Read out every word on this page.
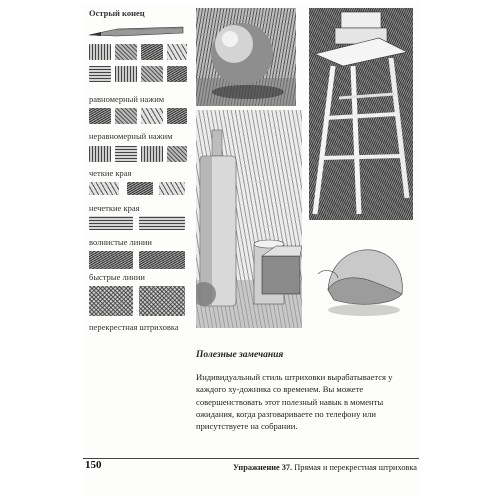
Острый конец
равномерный нажим
неравномерный нажим
четкие края
нечеткие края
волнистые линии
быстрые линии
перекрестная штриховка
Полезные замечания
Индивидуальный стиль штриховки вырабатывается у каждого ху-дожника со временем. Вы можете совершенствовать этот полезный навык в моменты ожидания, когда разговариваете по телефону или присутствуете на собрании.
150	Упражнение 37. Прямая и перекрестная штриховка
